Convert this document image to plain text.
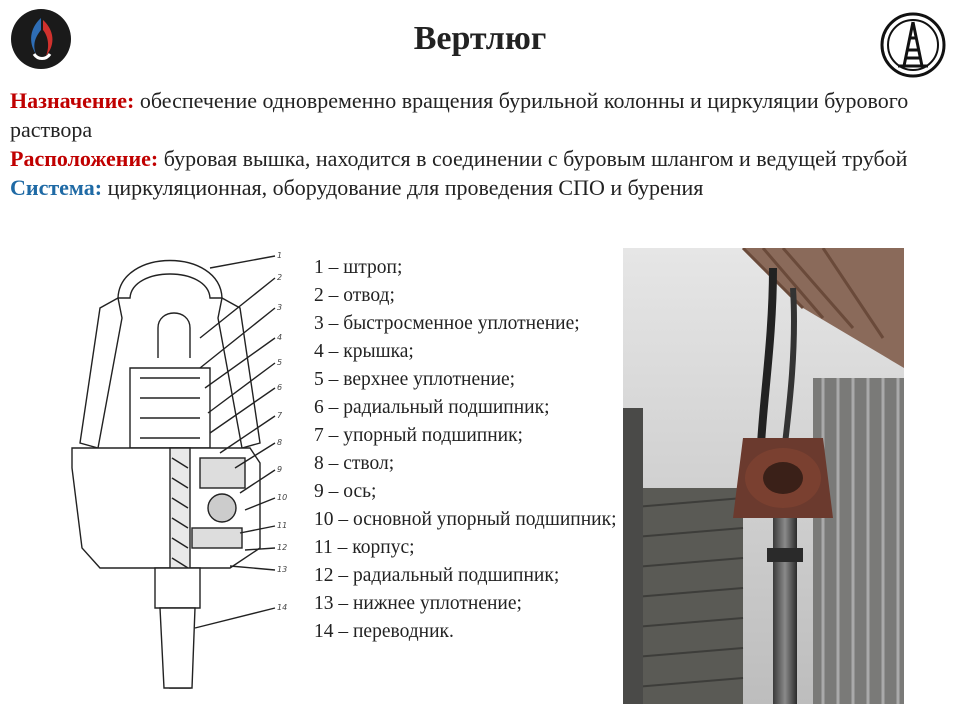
Вертлюг

Назначение: обеспечение одновременно вращения бурильной колонны и циркуляции бурового раствора

Расположение: буровая вышка, находится в соединении с буровым шлангом и ведущей трубой

Система: циркуляционная, оборудование для проведения СПО и бурения

1
2
3
4
5
6
7
8
9
10
11
12
13
14
1 – штроп;
2 – отвод;
3 – быстросменное уплотнение;
4 – крышка;
5 – верхнее уплотнение;
6 – радиальный подшипник;
7 – упорный подшипник;
8 – ствол;
9 – ось;
10 – основной упорный подшипник;
11 – корпус;
12 – радиальный подшипник;
13 – нижнее уплотнение;
14 – переводник.
